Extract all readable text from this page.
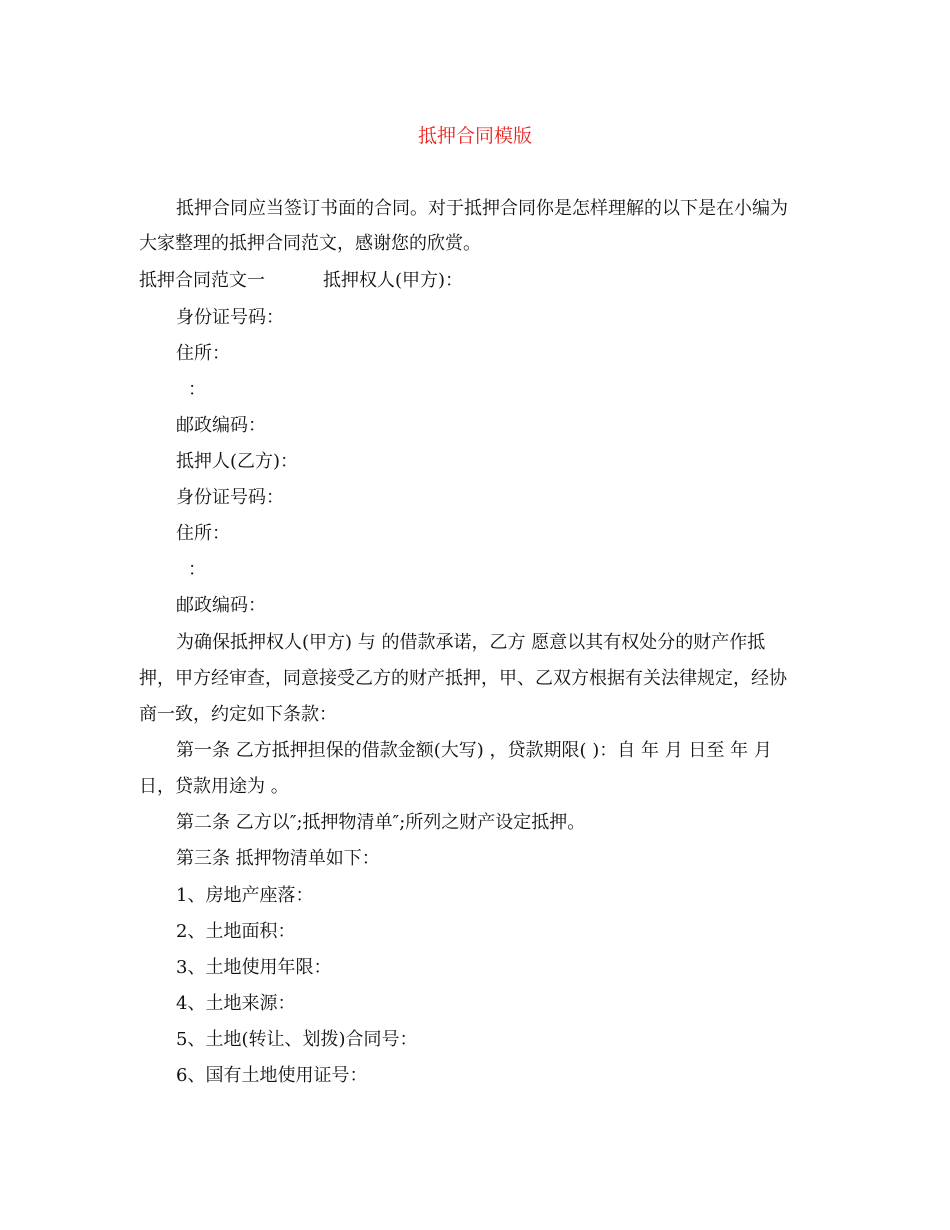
抵押合同模版
抵押合同应当签订书面的合同。对于抵押合同你是怎样理解的以下是在小编为
大家整理的抵押合同范文，感谢您的欣赏。
抵押合同范文一	抵押权人(甲方)：
身份证号码：
住所：
：
邮政编码：
抵押人(乙方)：
身份证号码：
住所：
：
邮政编码：
为确保抵押权人(甲方) 与 的借款承诺，乙方 愿意以其有权处分的财产作抵
押，甲方经审查，同意接受乙方的财产抵押，甲、乙双方根据有关法律规定，经协
商一致，约定如下条款：
第一条 乙方抵押担保的借款金额(大写) ，贷款期限( )：自 年 月 日至 年 月
日，贷款用途为 。
第二条 乙方以″;抵押物清单″;所列之财产设定抵押。
第三条 抵押物清单如下：
1、房地产座落：
2、土地面积：
3、土地使用年限：
4、土地来源：
5、土地(转让、划拨)合同号：
6、国有土地使用证号：
